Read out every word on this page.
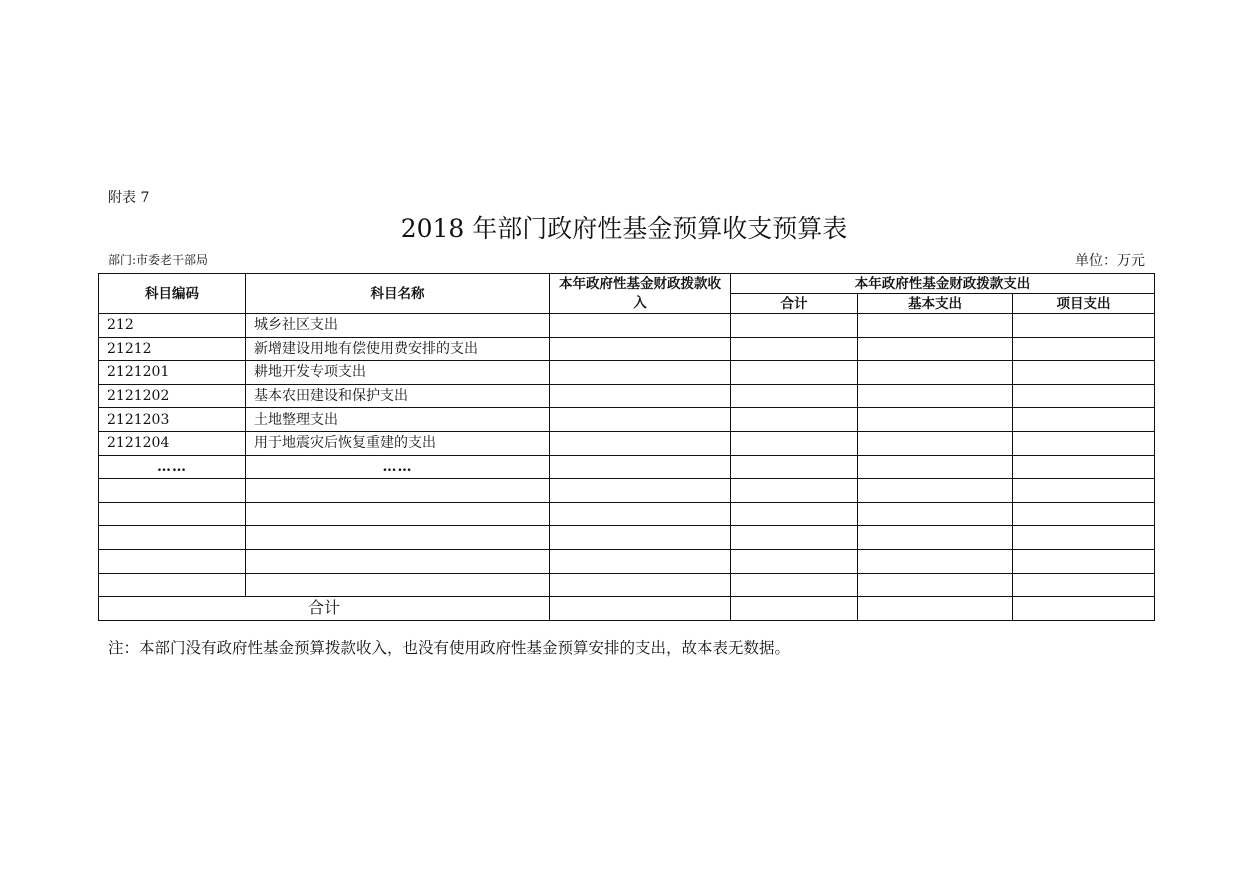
附表 7
2018 年部门政府性基金预算收支预算表
部门:市委老干部局	单位：万元
科目编码	科目名称	本年政府性基金财政拨款收入	本年政府性基金财政拨款支出		
			合计	基本支出	项目支出
212	城乡社区支出				
21212	新增建设用地有偿使用费安排的支出				
2121201	耕地开发专项支出				
2121202	基本农田建设和保护支出				
2121203	土地整理支出				
2121204	用于地震灾后恢复重建的支出				
……	……				

合计					
注：本部门没有政府性基金预算拨款收入，也没有使用政府性基金预算安排的支出，故本表无数据。
